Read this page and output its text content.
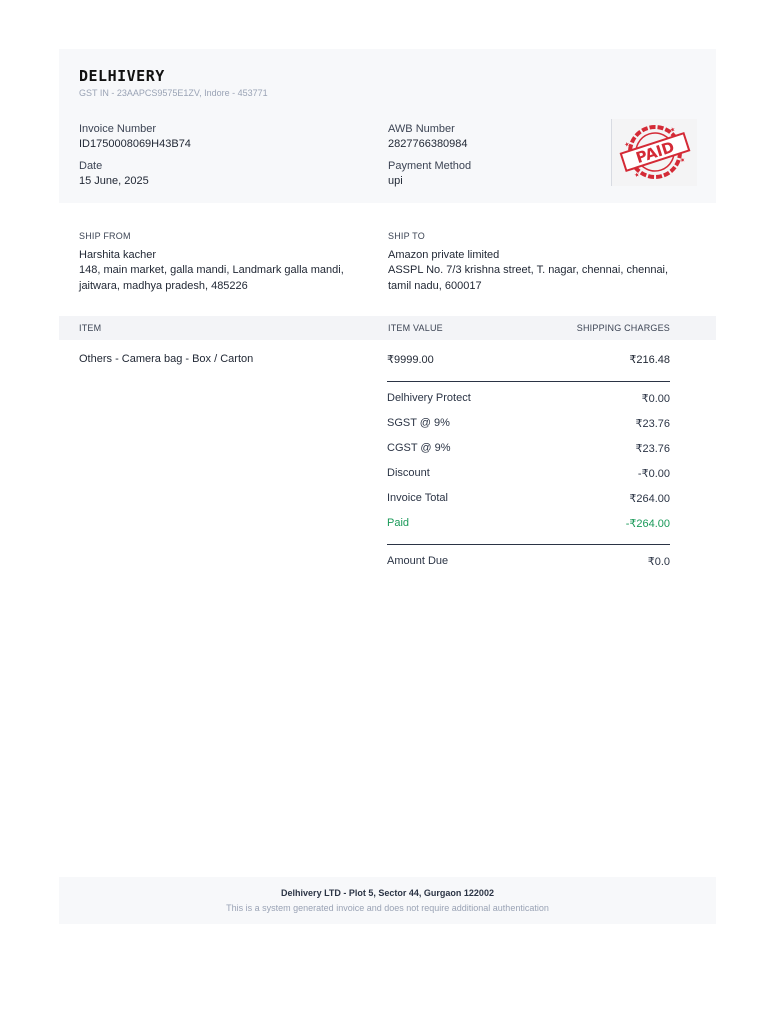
DELHIVERY
GST IN - 23AAPCS9575E1ZV, Indore - 453771
Invoice Number
ID1750008069H43B74
Date
15 June, 2025
AWB Number
2827766380984
Payment Method
upi
PAID
★
★
★
★
SHIP FROM
Harshita kacher
148, main market, galla mandi, Landmark galla mandi,
jaitwara, madhya pradesh, 485226
SHIP TO
Amazon private limited
ASSPL No. 7/3 krishna street, T. nagar, chennai, chennai,
tamil nadu, 600017
ITEM	ITEM VALUE	SHIPPING CHARGES
Others - Camera bag - Box / Carton	₹9999.00	₹216.48
Delhivery Protect	₹0.00
SGST @ 9%	₹23.76
CGST @ 9%	₹23.76
Discount	-₹0.00
Invoice Total	₹264.00
Paid	-₹264.00
Amount Due	₹0.0
Delhivery LTD - Plot 5, Sector 44, Gurgaon 122002
This is a system generated invoice and does not require additional authentication
